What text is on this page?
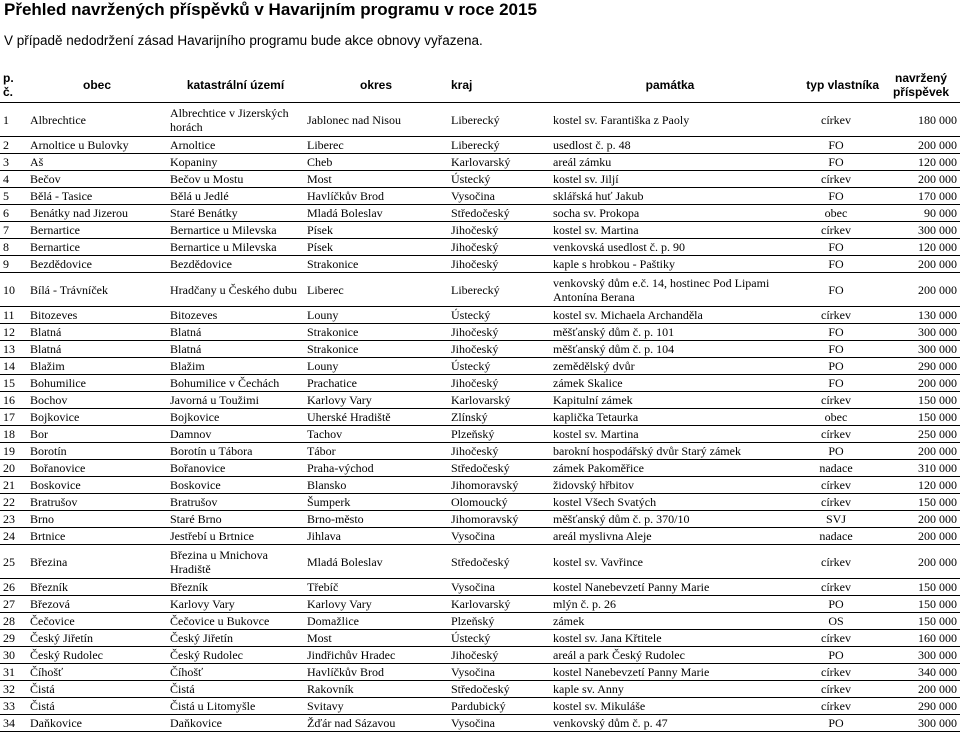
Přehled navržených příspěvků v Havarijním programu v roce 2015
V případě nedodržení zásad Havarijního programu bude akce obnovy vyřazena.
p. č.	obec	katastrální území	okres	kraj	památka	typ vlastníka	navržený příspěvek
1	Albrechtice	Albrechtice v Jizerských horách	Jablonec nad Nisou	Liberecký	kostel sv. Farantiška z Paoly	církev	180 000
2	Arnoltice u Bulovky	Arnoltice	Liberec	Liberecký	usedlost č. p. 48	FO	200 000
3	Aš	Kopaniny	Cheb	Karlovarský	areál zámku	FO	120 000
4	Bečov	Bečov u Mostu	Most	Ústecký	kostel sv. Jiljí	církev	200 000
5	Bělá - Tasice	Bělá u Jedlé	Havlíčkův Brod	Vysočina	sklářská huť Jakub	FO	170 000
6	Benátky nad Jizerou	Staré Benátky	Mladá Boleslav	Středočeský	socha sv. Prokopa	obec	90 000
7	Bernartice	Bernartice u Milevska	Písek	Jihočeský	kostel sv. Martina	církev	300 000
8	Bernartice	Bernartice u Milevska	Písek	Jihočeský	venkovská usedlost č. p. 90	FO	120 000
9	Bezdědovice	Bezdědovice	Strakonice	Jihočeský	kaple s hrobkou - Paštiky	FO	200 000
10	Bílá - Trávníček	Hradčany u Českého dubu	Liberec	Liberecký	venkovský dům e.č. 14, hostinec Pod Lipami Antonína Berana	FO	200 000
11	Bitozeves	Bitozeves	Louny	Ústecký	kostel sv. Michaela Archanděla	církev	130 000
12	Blatná	Blatná	Strakonice	Jihočeský	měšťanský dům č. p. 101	FO	300 000
13	Blatná	Blatná	Strakonice	Jihočeský	měšťanský dům č. p. 104	FO	300 000
14	Blažim	Blažim	Louny	Ústecký	zemědělský dvůr	PO	290 000
15	Bohumilice	Bohumilice v Čechách	Prachatice	Jihočeský	zámek Skalice	FO	200 000
16	Bochov	Javorná u Toužimi	Karlovy Vary	Karlovarský	Kapitulní zámek	církev	150 000
17	Bojkovice	Bojkovice	Uherské Hradiště	Zlínský	kaplička Tetaurka	obec	150 000
18	Bor	Damnov	Tachov	Plzeňský	kostel sv. Martina	církev	250 000
19	Borotín	Borotín u Tábora	Tábor	Jihočeský	barokní hospodářský dvůr Starý zámek	PO	200 000
20	Bořanovice	Bořanovice	Praha-východ	Středočeský	zámek Pakoměřice	nadace	310 000
21	Boskovice	Boskovice	Blansko	Jihomoravský	židovský hřbitov	církev	120 000
22	Bratrušov	Bratrušov	Šumperk	Olomoucký	kostel Všech Svatých	církev	150 000
23	Brno	Staré Brno	Brno-město	Jihomoravský	měšťanský dům č. p. 370/10	SVJ	200 000
24	Brtnice	Jestřebí u Brtnice	Jihlava	Vysočina	areál myslivna Aleje	nadace	200 000
25	Březina	Březina u Mnichova Hradiště	Mladá Boleslav	Středočeský	kostel sv. Vavřince	církev	200 000
26	Březník	Březník	Třebíč	Vysočina	kostel Nanebevzetí Panny Marie	církev	150 000
27	Březová	Karlovy Vary	Karlovy Vary	Karlovarský	mlýn č. p. 26	PO	150 000
28	Čečovice	Čečovice u Bukovce	Domažlice	Plzeňský	zámek	OS	150 000
29	Český Jiřetín	Český Jiřetín	Most	Ústecký	kostel sv. Jana Křtitele	církev	160 000
30	Český Rudolec	Český Rudolec	Jindřichův Hradec	Jihočeský	areál a park Český Rudolec	PO	300 000
31	Číhošť	Číhošť	Havlíčkův Brod	Vysočina	kostel Nanebevzetí Panny Marie	církev	340 000
32	Čistá	Čistá	Rakovník	Středočeský	kaple sv. Anny	církev	200 000
33	Čistá	Čistá u Litomyšle	Svitavy	Pardubický	kostel sv. Mikuláše	církev	290 000
34	Daňkovice	Daňkovice	Žďár nad Sázavou	Vysočina	venkovský dům č. p. 47	PO	300 000
